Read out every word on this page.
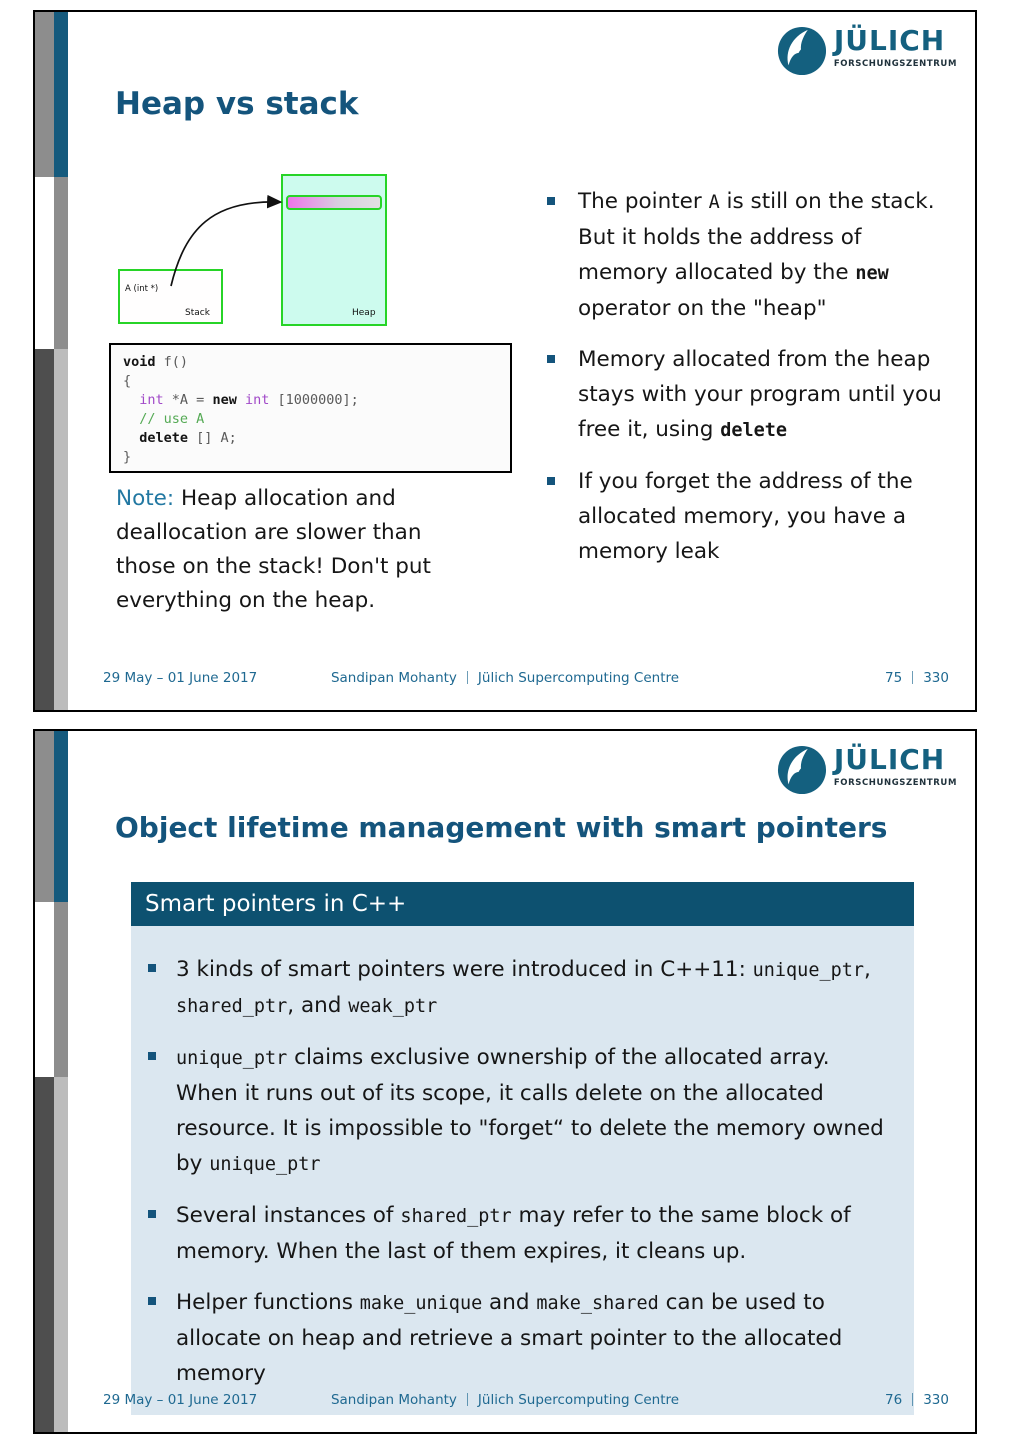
JÜLICH
FORSCHUNGSZENTRUM
Heap vs stack
A (int *)
Stack	Heap
void f()
{
int *A = new int [1000000];
// use A
delete [] A;
}
Note: Heap allocation and deallocation are slower than those on the stack! Don't put everything on the heap.
The pointer A is still on the stack. But it holds the address of memory allocated by the new operator on the "heap"
Memory allocated from the heap stays with your program until you free it, using delete
If you forget the address of the allocated memory, you have a memory leak
29 May – 01 June 2017	Sandipan Mohanty Jülich Supercomputing Centre	75 330
JÜLICH
FORSCHUNGSZENTRUM
Object lifetime management with smart pointers
Smart pointers in C++
3 kinds of smart pointers were introduced in C++11: unique_ptr, shared_ptr, and weak_ptr
unique_ptr claims exclusive ownership of the allocated array. When it runs out of its scope, it calls delete on the allocated resource. It is impossible to "forget“ to delete the memory owned by unique_ptr
Several instances of shared_ptr may refer to the same block of memory. When the last of them expires, it cleans up.
Helper functions make_unique and make_shared can be used to allocate on heap and retrieve a smart pointer to the allocated memory
29 May – 01 June 2017	Sandipan Mohanty Jülich Supercomputing Centre	76 330
